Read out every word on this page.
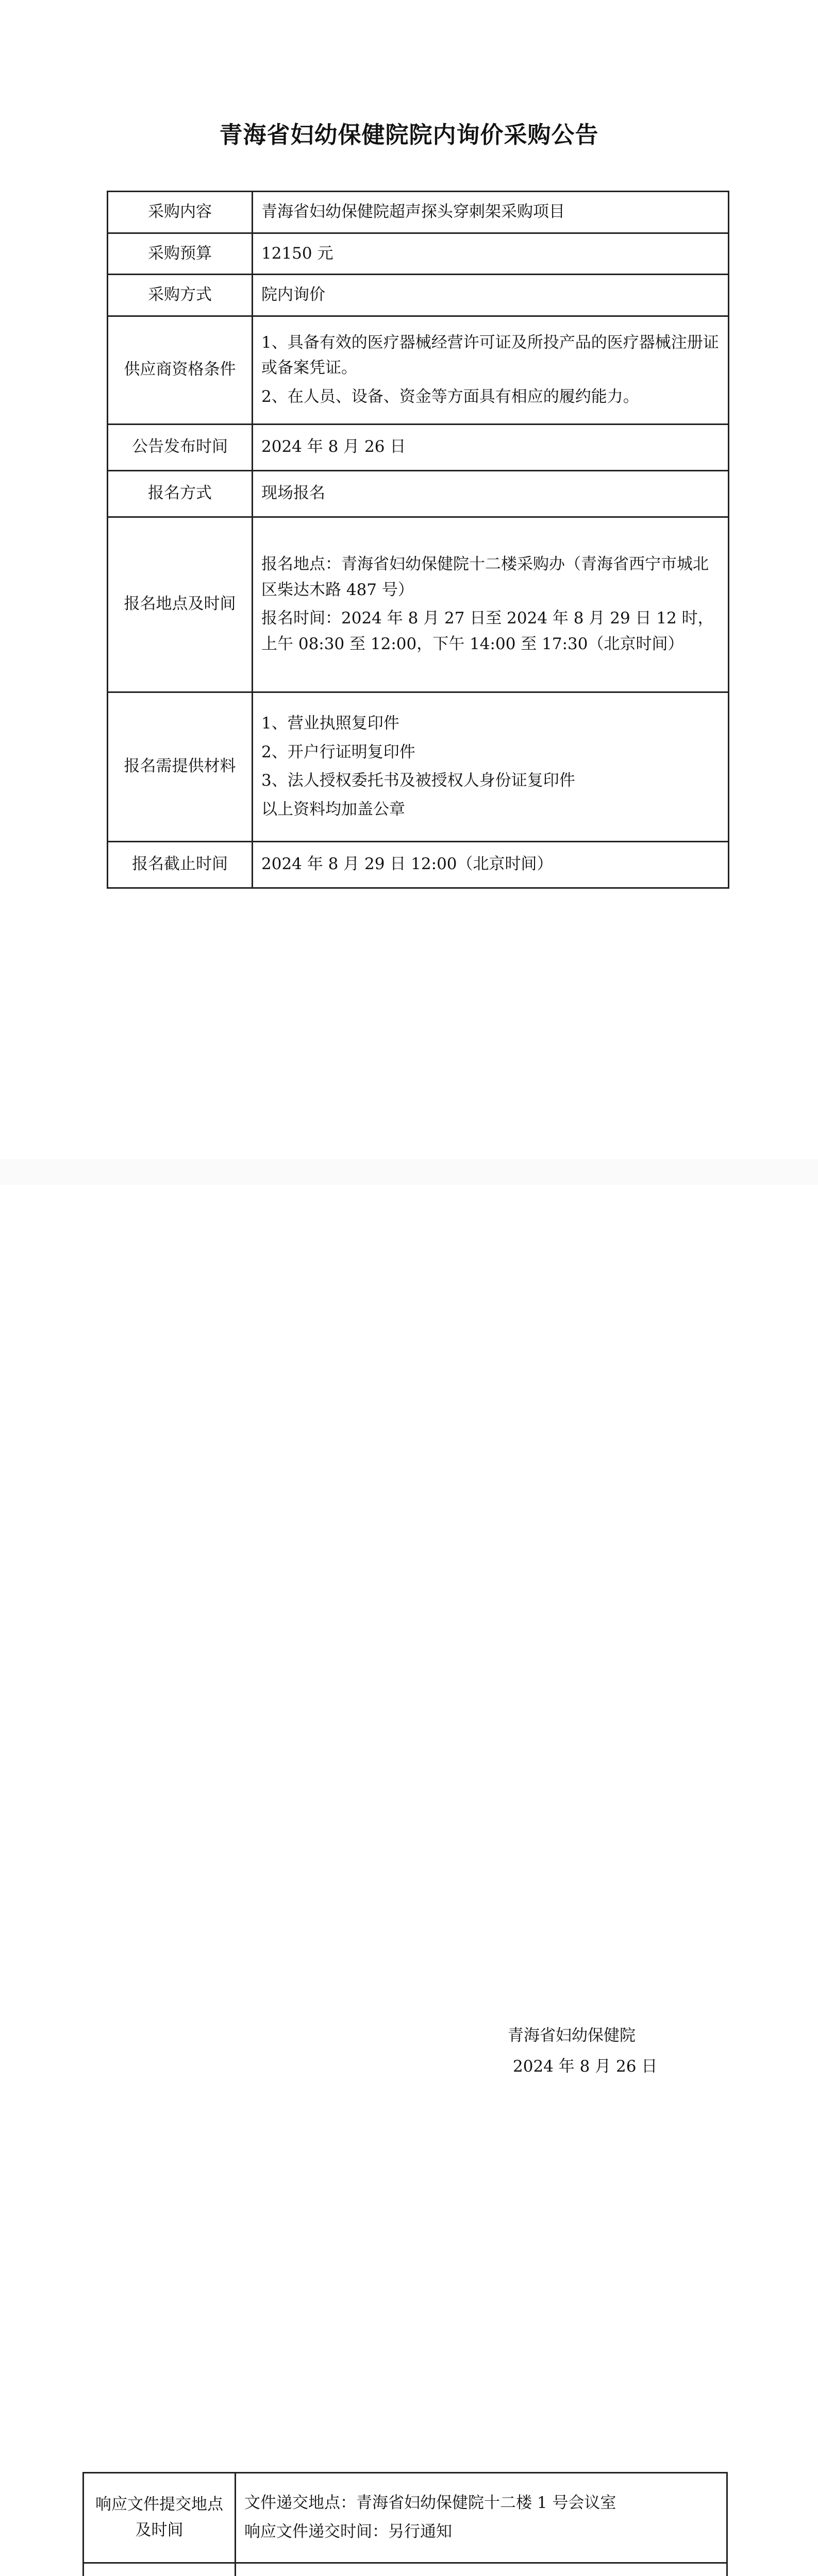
青海省妇幼保健院院内询价采购公告
采购内容	青海省妇幼保健院超声探头穿刺架采购项目

采购预算	12150 元

采购方式	院内询价

供应商资格条件	1、具备有效的医疗器械经营许可证及所投产品的医疗器械注册证或备案凭证。

2、在人员、设备、资金等方面具有相应的履约能力。

公告发布时间	2024 年 8 月 26 日

报名方式	现场报名

报名地点及时间	报名地点：青海省妇幼保健院十二楼采购办（青海省西宁市城北区柴达木路 487 号）

报名时间：2024 年 8 月 27 日至 2024 年 8 月 29 日 12 时，上午 08:30 至 12:00，下午 14:00 至 17:30（北京时间）

报名需提供材料	1、营业执照复印件

2、开户行证明复印件

3、法人授权委托书及被授权人身份证复印件

以上资料均加盖公章

报名截止时间	2024 年 8 月 29 日 12:00（北京时间）

响应文件提交地点及时间	文件递交地点：青海省妇幼保健院十二楼 1 号会议室

响应文件递交时间：另行通知

青海省妇幼保健院
2024 年 8 月 26 日
